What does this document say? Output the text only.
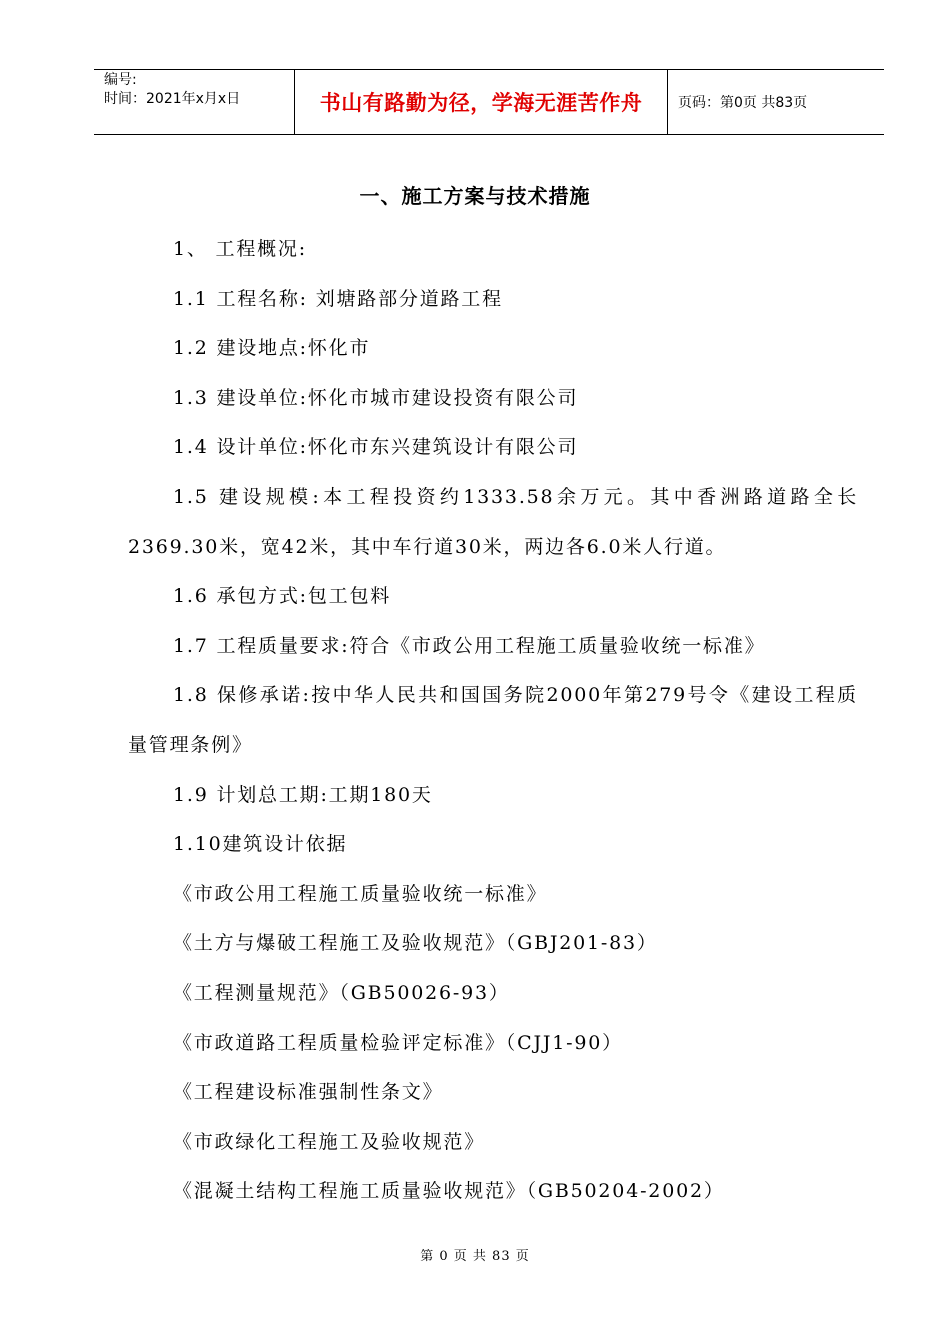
编号:
时间：2021年x月x日	书山有路勤为径，学海无涯苦作舟	页码：第0页 共83页
一、施工方案与技术措施
1、 工程概况:
1.1 工程名称: 刘塘路部分道路工程
1.2 建设地点:怀化市
1.3 建设单位:怀化市城市建设投资有限公司
1.4 设计单位:怀化市东兴建筑设计有限公司
1.5 建设规模:本工程投资约1333.58余万元。其中香洲路道路全长2369.30米，宽42米，其中车行道30米，两边各6.0米人行道。
1.6 承包方式:包工包料
1.7 工程质量要求:符合《市政公用工程施工质量验收统一标准》
1.8 保修承诺:按中华人民共和国国务院2000年第279号令《建设工程质量管理条例》
1.9 计划总工期:工期180天
1.10建筑设计依据
《市政公用工程施工质量验收统一标准》
《土方与爆破工程施工及验收规范》（GBJ201-83）
《工程测量规范》（GB50026-93）
《市政道路工程质量检验评定标准》（CJJ1-90）
《工程建设标准强制性条文》
《市政绿化工程施工及验收规范》
《混凝土结构工程施工质量验收规范》（GB50204-2002）
第 0 页 共 83 页
